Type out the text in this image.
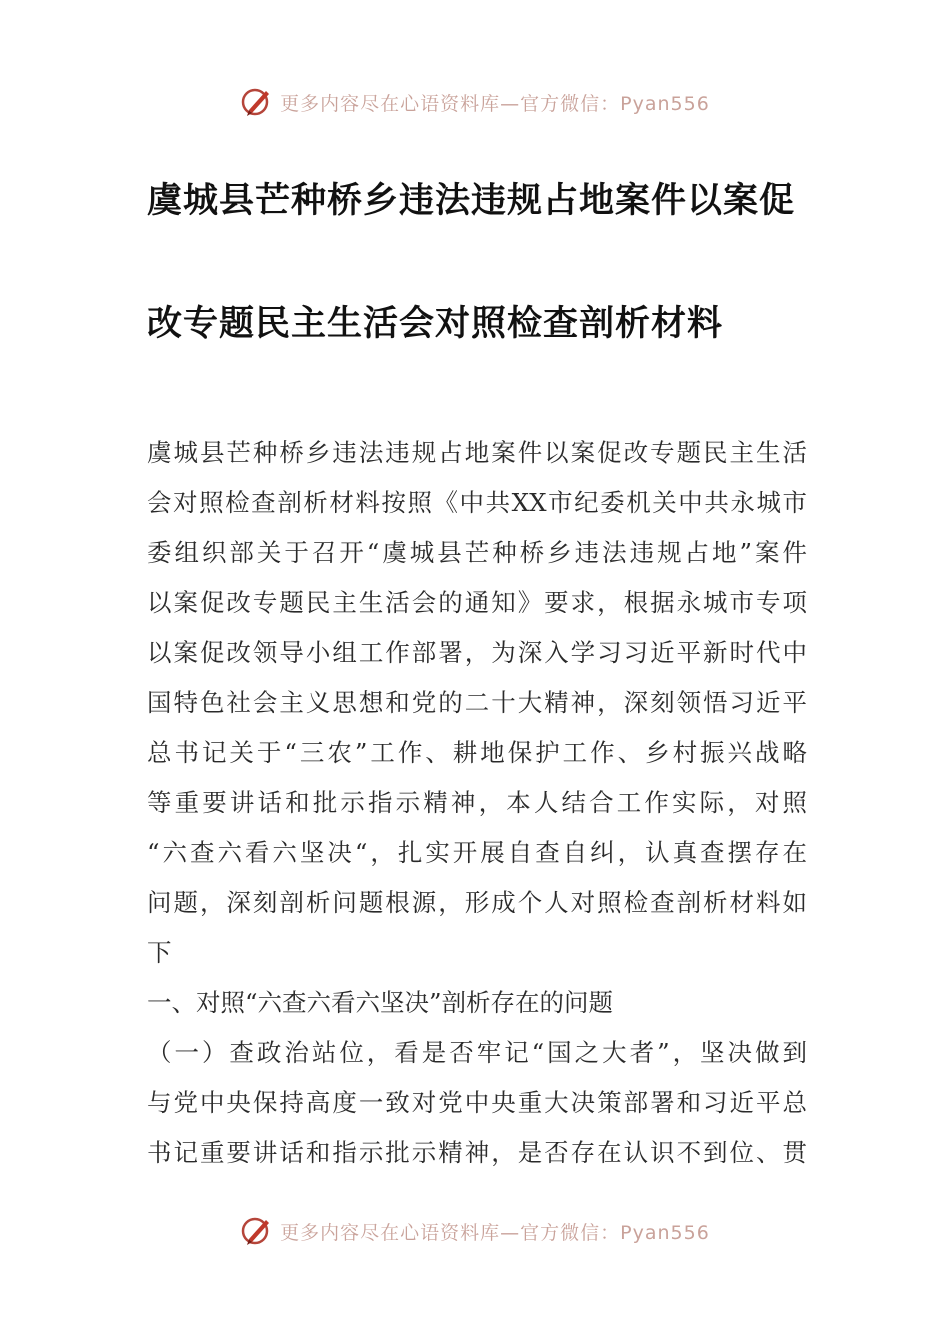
更多内容尽在心语资料库—官方微信：Pyan556
虞城县芒种桥乡违法违规占地案件以案促
改专题民主生活会对照检查剖析材料
虞城县芒种桥乡违法违规占地案件以案促改专题民主生活
会对照检查剖析材料按照《中共XX市纪委机关中共永城市
委组织部关于召开“虞城县芒种桥乡违法违规占地”案件
以案促改专题民主生活会的通知》要求，根据永城市专项
以案促改领导小组工作部署，为深入学习习近平新时代中
国特色社会主义思想和党的二十大精神，深刻领悟习近平
总书记关于“三农”工作、耕地保护工作、乡村振兴战略
等重要讲话和批示指示精神，本人结合工作实际，对照
“六查六看六坚决“，扎实开展自查自纠，认真查摆存在
问题，深刻剖析问题根源，形成个人对照检查剖析材料如
下
一、对照“六查六看六坚决”剖析存在的问题
（一）查政治站位，看是否牢记“国之大者”，坚决做到
与党中央保持高度一致对党中央重大决策部署和习近平总
书记重要讲话和指示批示精神，是否存在认识不到位、贯
更多内容尽在心语资料库—官方微信：Pyan556
